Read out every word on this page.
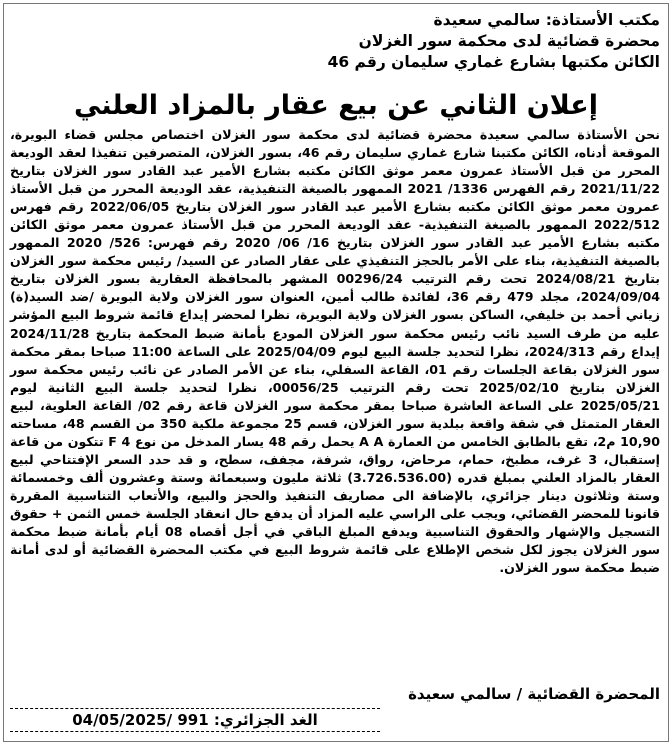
مكتب الأستاذة: سالمي سعيدة
محضرة قضائية لدى محكمة سور الغزلان
الكائن مكتبها بشارع غماري سليمان رقم 46
إعلان الثاني عن بيع عقار بالمزاد العلني
نحن الأستاذة سالمي سعيدة محضرة قضائية لدى محكمة سور الغزلان اختصاص مجلس قضاء البويرة، الموقعة أدناه، الكائن مكتبنا شارع غماري سليمان رقم 46، بسور الغزلان، المتصرفين تنفيذا لعقد الوديعة المحرر من قبل الأستاذ عمرون معمر موثق الكائن مكتبه بشارع الأمير عبد القادر سور الغزلان بتاريخ 2021/11/22 رقم الفهرس 1336/ 2021 الممهور بالصيغة التنفيذية، عقد الوديعة المحرر من قبل الأستاذ عمرون معمر موثق الكائن مكتبه بشارع الأمير عبد القادر سور الغزلان بتاريخ 2022/06/05 رقم فهرس 2022/512 الممهور بالصيغة التنفيذية- عقد الوديعة المحرر من قبل الأستاذ عمرون معمر موثق الكائن مكتبه بشارع الأمير عبد القادر سور الغزلان بتاريخ 16/ 06/ 2020 رقم فهرس: 526/ 2020 الممهور بالصيغة التنفيذية، بناء على الأمر بالحجز التنفيذي على عقار الصادر عن السيد/ رئيس محكمة سور الغزلان بتاريخ 2024/08/21 تحت رقم الترتيب 00296/24 المشهر بالمحافظة العقارية بسور الغزلان بتاريخ 2024/09/04، مجلد 479 رقم 36، لفائدة طالب أمين، العنوان سور الغزلان ولاية البويرة /ضد السيد(ة) زياني أحمد بن خليفي، الساكن بسور الغزلان ولاية البويرة، نظرا لمحضر إيداع قائمة شروط البيع المؤشر عليه من طرف السيد نائب رئيس محكمة سور الغزلان المودع بأمانة ضبط المحكمة بتاريخ 2024/11/28 إيداع رقم 2024/313، نظرا لتحديد جلسة البيع ليوم 2025/04/09 على الساعة 11:00 صباحا بمقر محكمة سور الغزلان بقاعة الجلسات رقم 01، القاعة السفلي، بناء عن الأمر الصادر عن نائب رئيس محكمة سور الغزلان بتاريخ 2025/02/10 تحت رقم الترتيب 00056/25، نظرا لتحديد جلسة البيع الثانية ليوم 2025/05/21 على الساعة العاشرة صباحا بمقر محكمة سور الغزلان قاعة رقم 02/ القاعة العلوية، لبيع العقار المتمثل في شقة واقعة ببلدية سور الغزلان، قسم 25 مجموعة ملكية 350 من القسم 48، مساحته 10,90 م2، تقع بالطابق الخامس من العمارة A A يحمل رقم 48 يسار المدخل من نوع F 4 تتكون من قاعة إستقبال، 3 غرف، مطبخ، حمام، مرحاض، رواق، شرفة، مجفف، سطح، و قد حدد السعر الإفتتاحي لبيع العقار بالمزاد العلني بمبلغ قدره (3.726.536.00) ثلاثة مليون وسبعمائة وستة وعشرون ألف وخمسمائة وستة وثلاثون دينار جزائري، بالإضافة الى مصاريف التنفيذ والحجز والبيع، والأتعاب التناسبية المقررة قانونا للمحضر القضائي، ويجب على الراسي عليه المزاد أن يدفع حال انعقاد الجلسة خمس الثمن + حقوق التسجيل والإشهار والحقوق التناسبية ويدفع المبلغ الباقي في أجل أقصاه 08 أيام بأمانة ضبط محكمة سور الغزلان يجوز لكل شخص الإطلاع على قائمة شروط البيع في مكتب المحضرة القضائية أو لدى أمانة ضبط محكمة سور الغزلان.
المحضرة القضائية / سالمي سعيدة
الغد الجزائري: 991 /04/05/2025
